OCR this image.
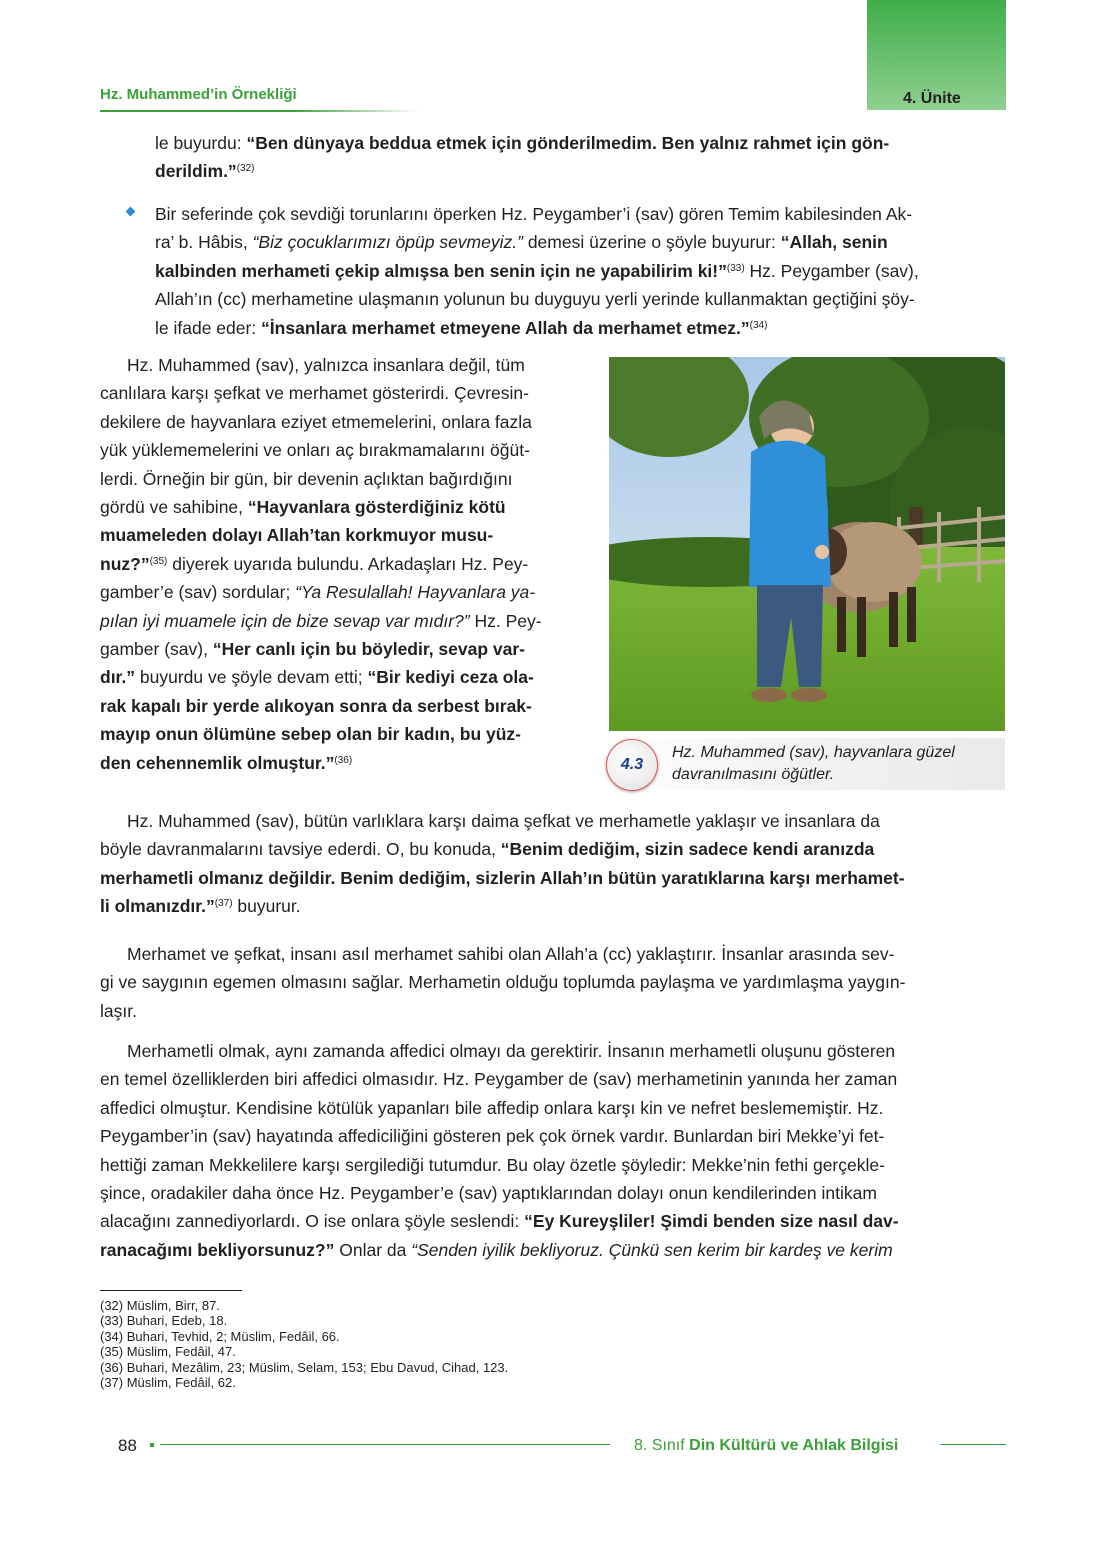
4. Ünite
Hz. Muhammed’in Örnekliği

le buyurdu: “Ben dünyaya beddua etmek için gönderilmedim. Ben yalnız rahmet için gön-
derildim.”$^{(32)}$

Bir seferinde çok sevdiği torunlarını öperken Hz. Peygamber’i (sav) gören Temim kabilesinden Ak-
ra’ b. Hâbis, “Biz çocuklarımızı öpüp sevmeyiz.” demesi üzerine o şöyle buyurur: “Allah, senin
kalbinden merhameti çekip almışsa ben senin için ne yapabilirim ki!”$^{(33)}$ Hz. Peygamber (sav),
Allah’ın (cc) merhametine ulaşmanın yolunun bu duyguyu yerli yerinde kullanmaktan geçtiğini şöy-
le ifade eder: “İnsanlara merhamet etmeyene Allah da merhamet etmez.”$^{(34)}$

Hz. Muhammed (sav), yalnızca insanlara değil, tüm
canlılara karşı şefkat ve merhamet gösterirdi. Çevresin-
dekilere de hayvanlara eziyet etmemelerini, onlara fazla
yük yüklememelerini ve onları aç bırakmamalarını öğüt-
lerdi. Örneğin bir gün, bir devenin açlıktan bağırdığını
gördü ve sahibine, “Hayvanlara gösterdiğiniz kötü
muameleden dolayı Allah’tan korkmuyor musu-
nuz?”$^{(35)}$ diyerek uyarıda bulundu. Arkadaşları Hz. Pey-
gamber’e (sav) sordular; “Ya Resulallah! Hayvanlara ya-
pılan iyi muamele için de bize sevap var mıdır?” Hz. Pey-
gamber (sav), “Her canlı için bu böyledir, sevap var-
dır.” buyurdu ve şöyle devam etti; “Bir kediyi ceza ola-
rak kapalı bir yerde alıkoyan sonra da serbest bırak-
mayıp onun ölümüne sebep olan bir kadın, bu yüz-
den cehennemlik olmuştur.”$^{(36)}$	4.3

Hz. Muhammed (sav), hayvanlara güzel
davranılmasını öğütler.

Hz. Muhammed (sav), bütün varlıklara karşı daima şefkat ve merhametle yaklaşır ve insanlara da
böyle davranmalarını tavsiye ederdi. O, bu konuda, “Benim dediğim, sizin sadece kendi aranızda
merhametli olmanız değildir. Benim dediğim, sizlerin Allah’ın bütün yaratıklarına karşı merhamet-
li olmanızdır.”$^{(37)}$ buyurur.

Merhamet ve şefkat, insanı asıl merhamet sahibi olan Allah’a (cc) yaklaştırır. İnsanlar arasında sev-
gi ve saygının egemen olmasını sağlar. Merhametin olduğu toplumda paylaşma ve yardımlaşma yaygın-
laşır.

Merhametli olmak, aynı zamanda affedici olmayı da gerektirir. İnsanın merhametli oluşunu gösteren
en temel özelliklerden biri affedici olmasıdır. Hz. Peygamber de (sav) merhametinin yanında her zaman
affedici olmuştur. Kendisine kötülük yapanları bile affedip onlara karşı kin ve nefret beslememiştir. Hz.
Peygamber’in (sav) hayatında affediciliğini gösteren pek çok örnek vardır. Bunlardan biri Mekke’yi fet-
hettiği zaman Mekkelilere karşı sergilediği tutumdur. Bu olay özetle şöyledir: Mekke’nin fethi gerçekle-
şince, oradakiler daha önce Hz. Peygamber’e (sav) yaptıklarından dolayı onun kendilerinden intikam
alacağını zannediyorlardı. O ise onlara şöyle seslendi: “Ey Kureyşliler! Şimdi benden size nasıl dav-
ranacağımı bekliyorsunuz?” Onlar da “Senden iyilik bekliyoruz. Çünkü sen kerim bir kardeş ve kerim

(32) Müslim, Birr, 87.
(33) Buhari, Edeb, 18.
(34) Buhari, Tevhid, 2; Müslim, Fedâil, 66.
(35) Müslim, Fedâil, 47.
(36) Buhari, Mezâlim, 23; Müslim, Selam, 153; Ebu Davud, Cihad, 123.
(37) Müslim, Fedâil, 62.
88	8. Sınıf Din Kültürü ve Ahlak Bilgisi
